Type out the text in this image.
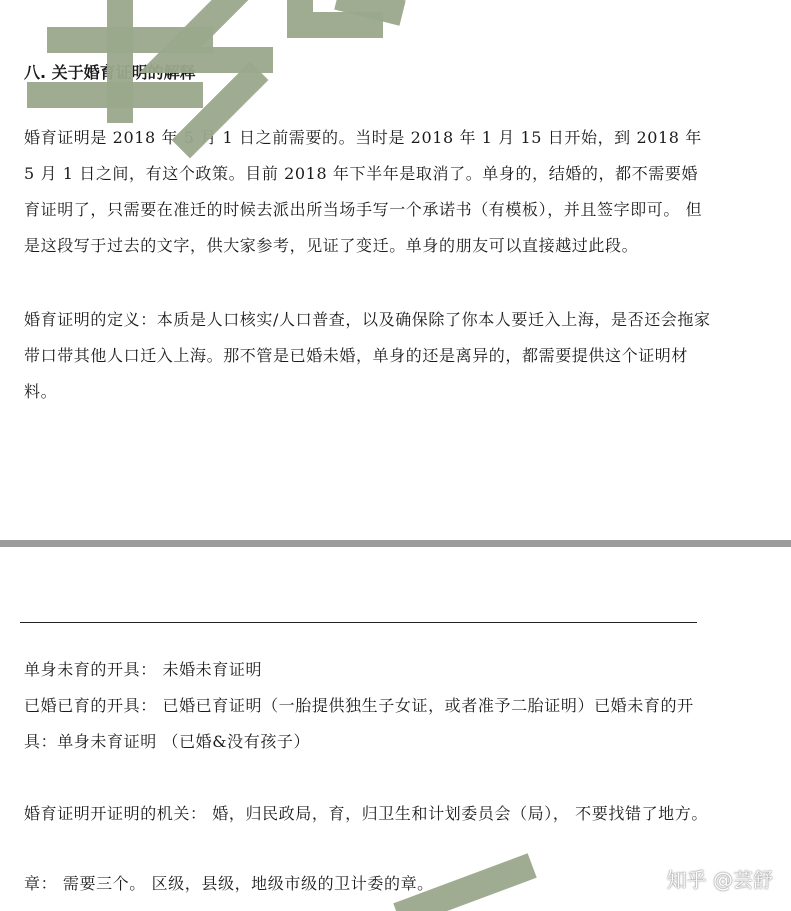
八. 关于婚育证明的解释
婚育证明是 2018 年 5 月 1 日之前需要的。当时是 2018 年 1 月 15 日开始，到 2018 年 5 月 1 日之间，有这个政策。目前 2018 年下半年是取消了。单身的，结婚的，都不需要婚育证明了，只需要在准迁的时候去派出所当场手写一个承诺书（有模板），并且签字即可。 但是这段写于过去的文字，供大家参考，见证了变迁。单身的朋友可以直接越过此段。
婚育证明的定义：本质是人口核实/人口普查，以及确保除了你本人要迁入上海，是否还会拖家带口带其他人口迁入上海。那不管是已婚未婚，单身的还是离异的，都需要提供这个证明材料。
单身未育的开具： 未婚未育证明
已婚已育的开具： 已婚已育证明（一胎提供独生子女证，或者准予二胎证明）已婚未育的开具：单身未育证明 （已婚&没有孩子）
婚育证明开证明的机关： 婚，归民政局，育，归卫生和计划委员会（局）， 不要找错了地方。
章： 需要三个。 区级，县级，地级市级的卫计委的章。	知乎 @芸舒
